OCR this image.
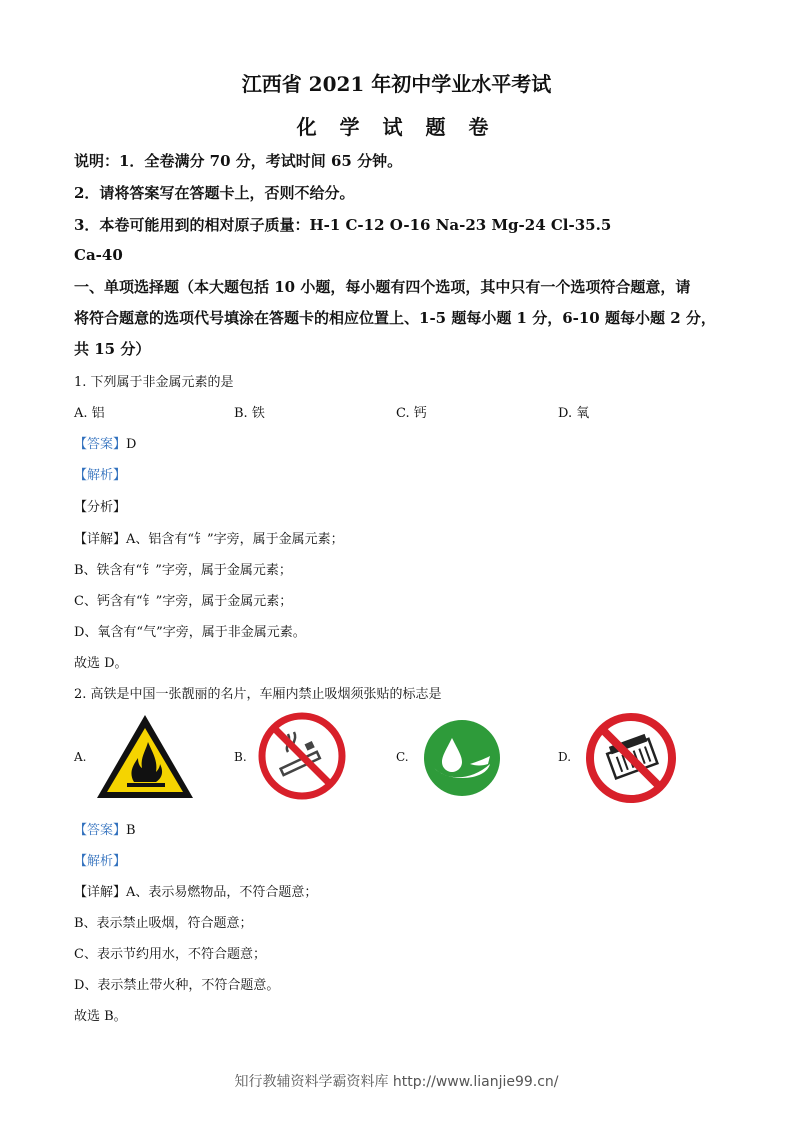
江西省 2021 年初中学业水平考试
化 学 试 题 卷
说明：1．全卷满分 70 分，考试时间 65 分钟。
2．请将答案写在答题卡上，否则不给分。
3．本卷可能用到的相对原子质量：H-1 C-12 O-16 Na-23 Mg-24 Cl-35.5
Ca-40
一、单项选择题（本大题包括 10 小题，每小题有四个选项，其中只有一个选项符合题意，请
将符合题意的选项代号填涂在答题卡的相应位置上、1-5 题每小题 1 分，6-10 题每小题 2 分，
共 15 分）
1. 下列属于非金属元素的是
A. 铝	B. 铁	C. 钙	D. 氧
【答案】D
【解析】
【分析】
【详解】A、铝含有“钅”字旁，属于金属元素；
B、铁含有“钅”字旁，属于金属元素；
C、钙含有“钅”字旁，属于金属元素；
D、氧含有“气”字旁，属于非金属元素。
故选 D。
2. 高铁是中国一张靓丽的名片，车厢内禁止吸烟须张贴的标志是
A.	B.	C.	D.
【答案】B
【解析】
【详解】A、表示易燃物品，不符合题意；
B、表示禁止吸烟，符合题意；
C、表示节约用水，不符合题意；
D、表示禁止带火种，不符合题意。
故选 B。
知行教辅资料学霸资料库 http://www.lianjie99.cn/
